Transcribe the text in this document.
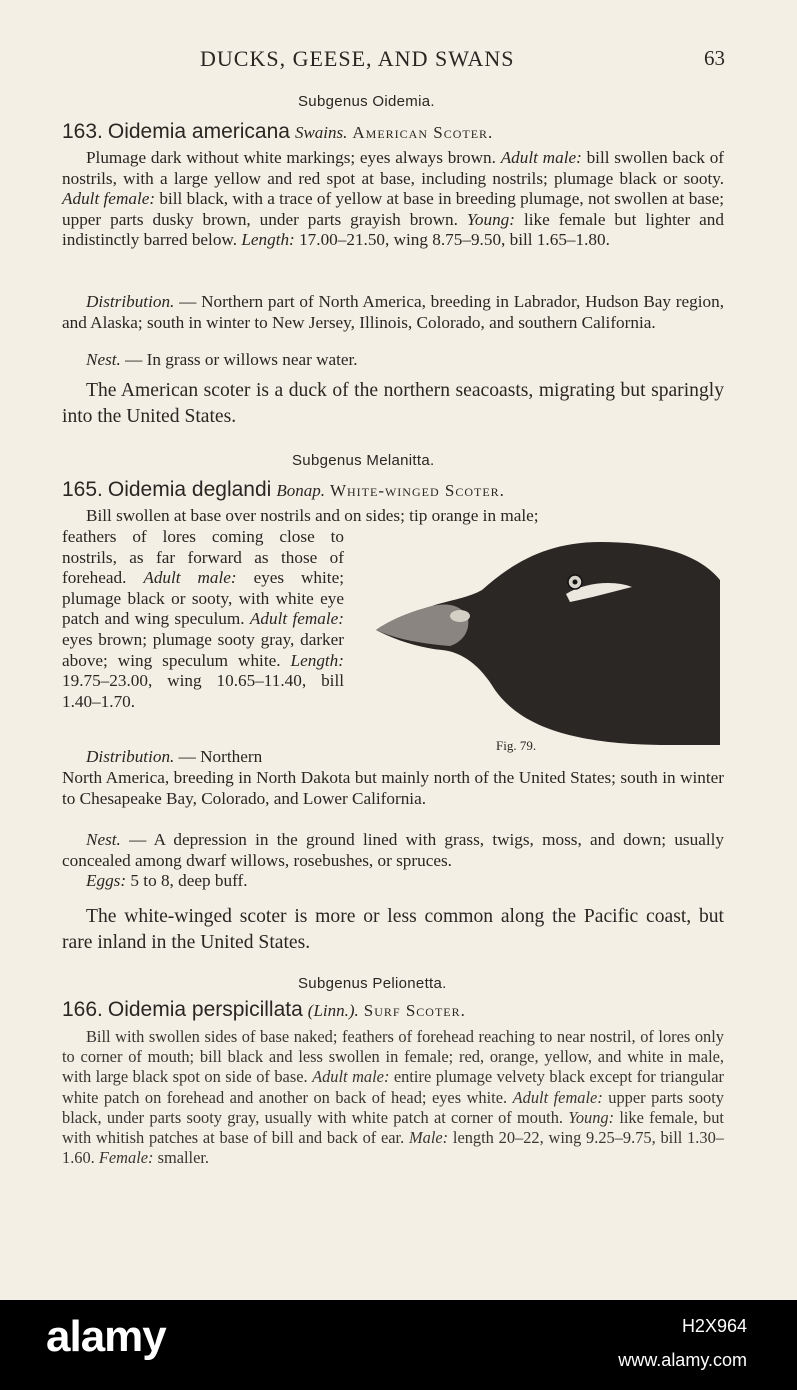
DUCKS, GEESE, AND SWANS	63
Subgenus Oidemia.
163. Oidemia americana Swains. American Scoter.
Plumage dark without white markings; eyes always brown. Adult male: bill swollen back of nostrils, with a large yellow and red spot at base, including nostrils; plumage black or sooty. Adult female: bill black, with a trace of yellow at base in breeding plumage, not swollen at base; upper parts dusky brown, under parts grayish brown. Young: like female but lighter and indistinctly barred below. Length: 17.00–21.50, wing 8.75–9.50, bill 1.65–1.80.
Distribution. — Northern part of North America, breeding in Labrador, Hudson Bay region, and Alaska; south in winter to New Jersey, Illinois, Colorado, and southern California.
Nest. — In grass or willows near water.
The American scoter is a duck of the northern seacoasts, migrating but sparingly into the United States.
Subgenus Melanitta.
165. Oidemia deglandi Bonap. White-winged Scoter.
Bill swollen at base over nostrils and on sides; tip orange in male;
feathers of lores coming close to nostrils, as far forward as those of forehead. Adult male: eyes white; plumage black or sooty, with white eye patch and wing speculum. Adult female: eyes brown; plumage sooty gray, darker above; wing speculum white. Length: 19.75–23.00, wing 10.65–11.40, bill 1.40–1.70.
Distribution. — Northern
North America, breeding in North Dakota but mainly north of the United States; south in winter to Chesapeake Bay, Colorado, and Lower California.
Nest. — A depression in the ground lined with grass, twigs, moss, and down; usually concealed among dwarf willows, rosebushes, or spruces.
Eggs: 5 to 8, deep buff.
Fig. 79.
The white-winged scoter is more or less common along the Pacific coast, but rare inland in the United States.
Subgenus Pelionetta.
166. Oidemia perspicillata (Linn.). Surf Scoter.
Bill with swollen sides of base naked; feathers of forehead reaching to near nostril, of lores only to corner of mouth; bill black and less swollen in female; red, orange, yellow, and white in male, with large black spot on side of base. Adult male: entire plumage velvety black except for triangular white patch on forehead and another on back of head; eyes white. Adult female: upper parts sooty black, under parts sooty gray, usually with white patch at corner of mouth. Young: like female, but with whitish patches at base of bill and back of ear. Male: length 20–22, wing 9.25–9.75, bill 1.30–1.60. Female: smaller.
alamy	H2X964
www.alamy.com
